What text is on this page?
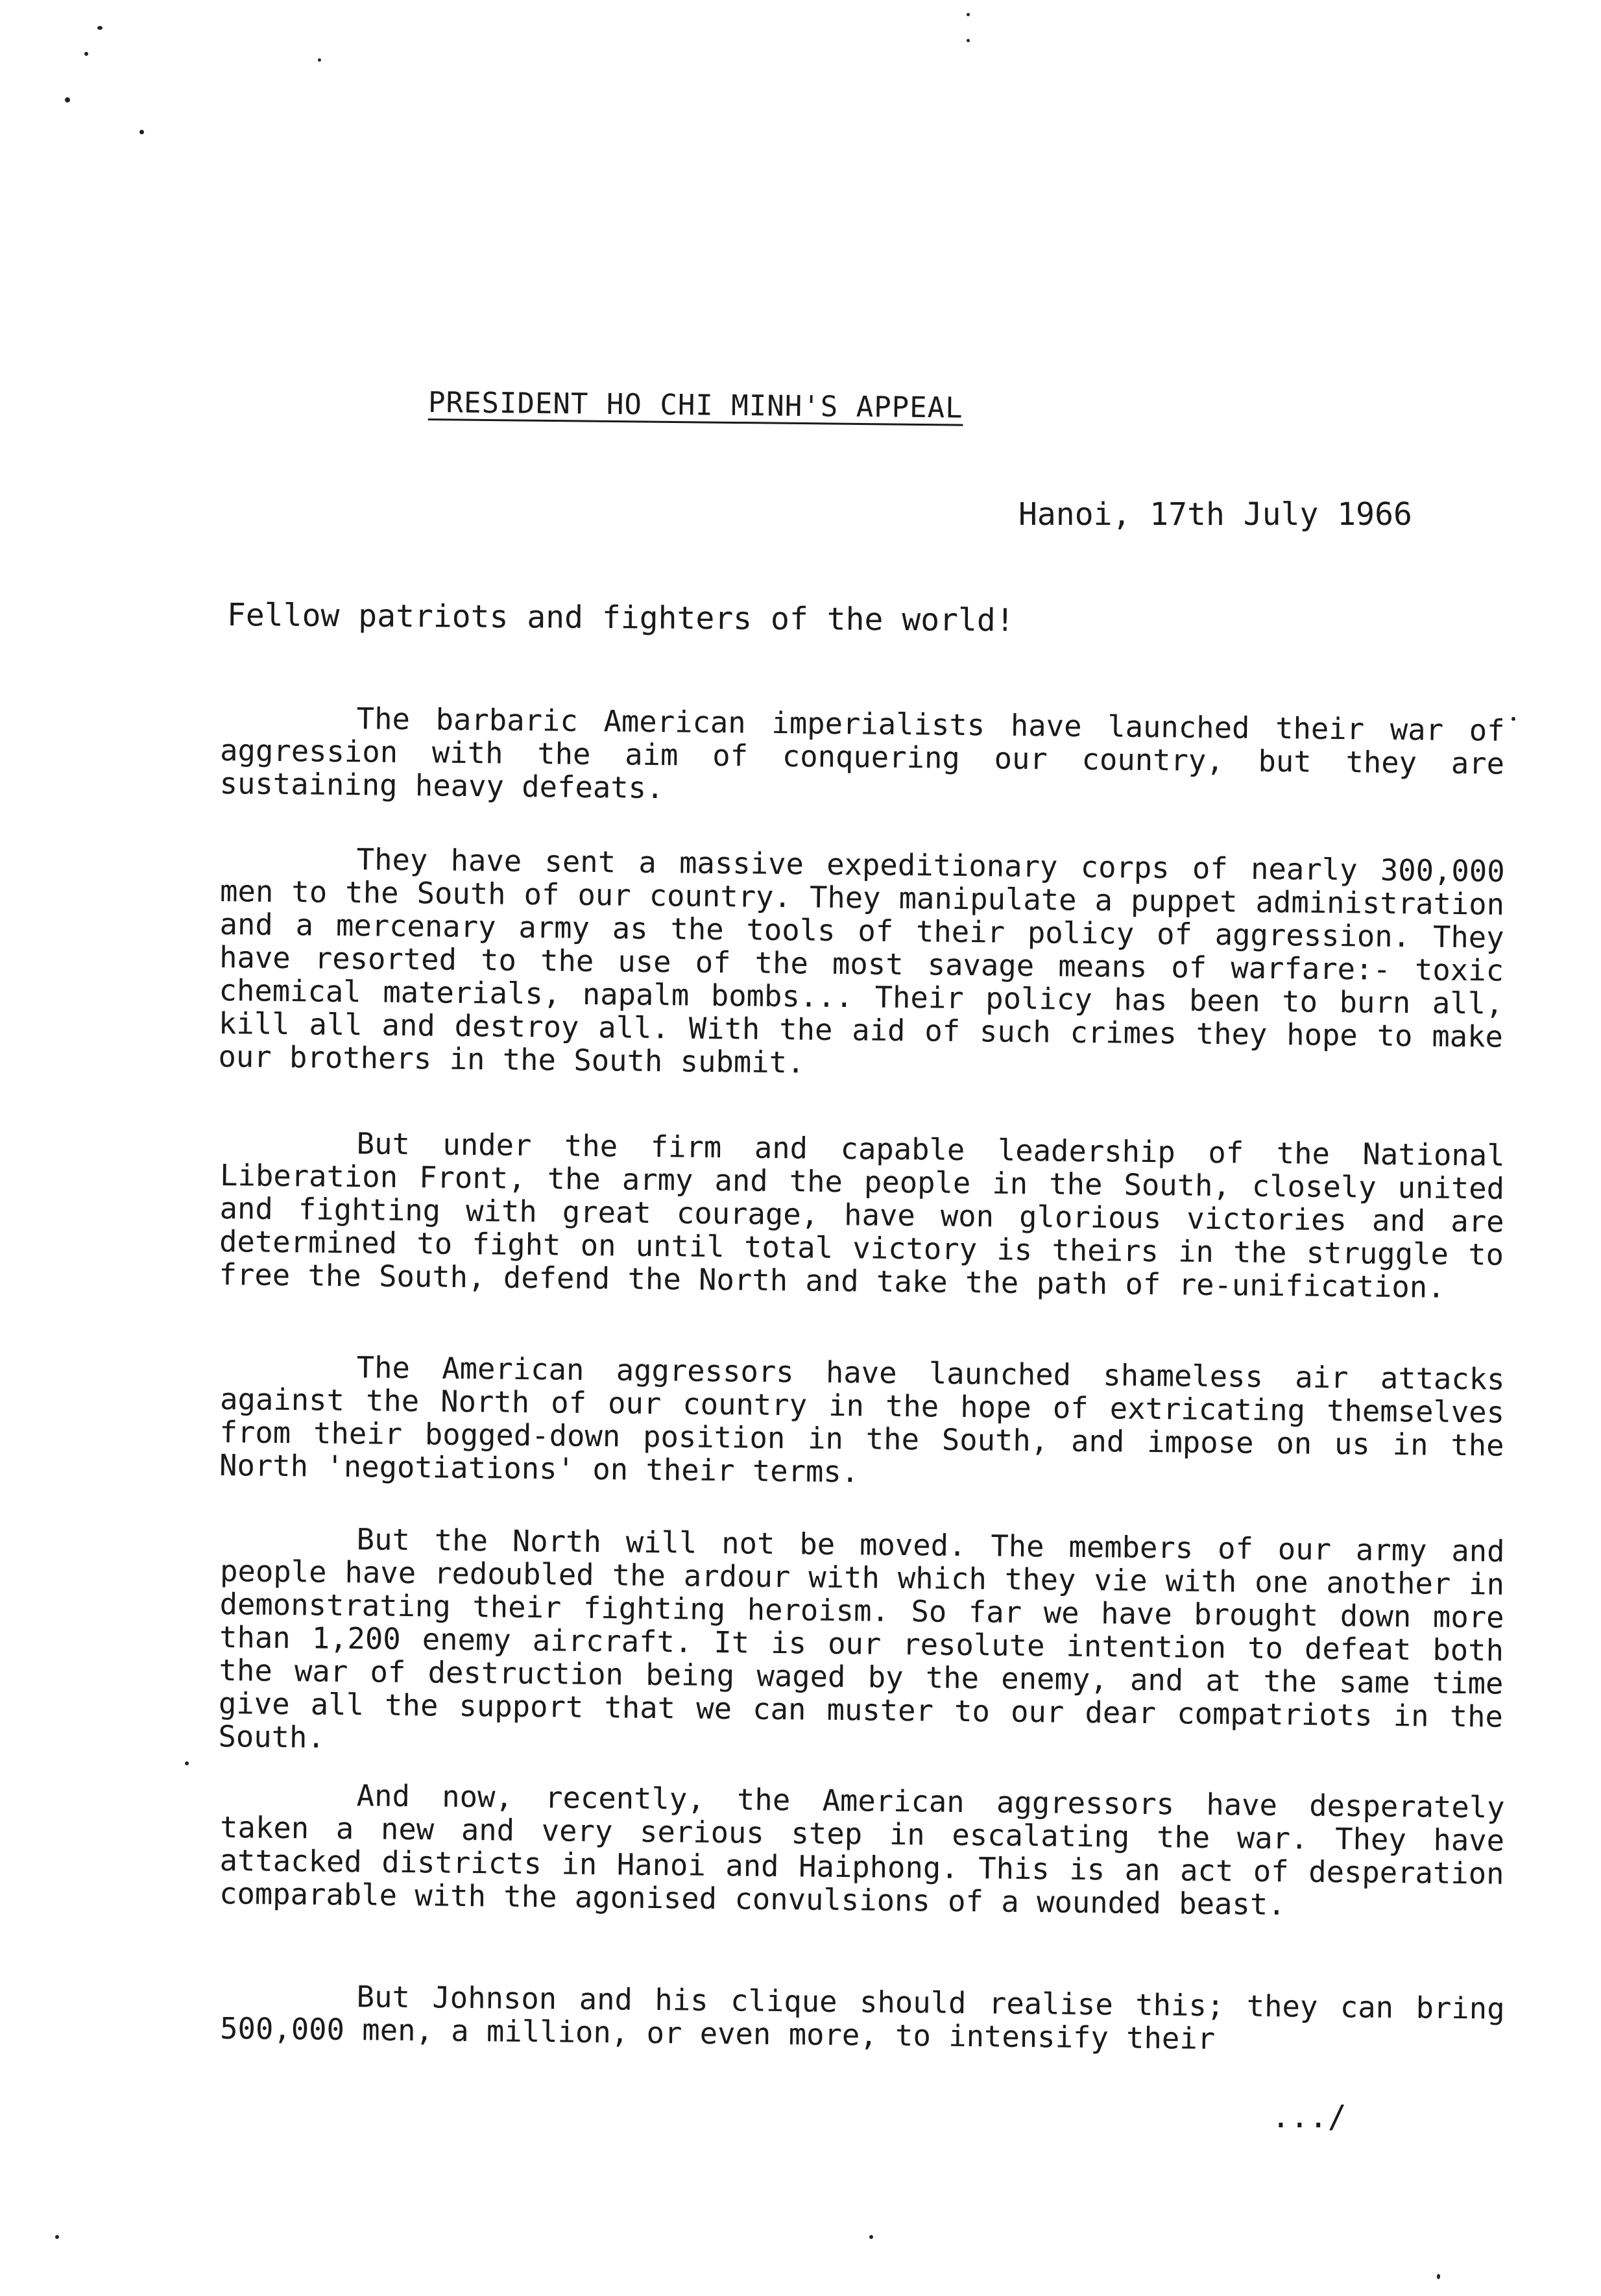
PRESIDENT HO CHI MINH'S APPEAL
Hanoi, 17th July 1966
Fellow patriots and fighters of the world!

The barbaric American imperialists have launched their war of aggression with the aim of conquering our country, but they are sustaining heavy defeats.

They have sent a massive expeditionary corps of nearly 300,000 men to the South of our country. They manipulate a puppet administration and a mercenary army as the tools of their policy of aggression. They have resorted to the use of the most savage means of warfare:- toxic chemical materials, napalm bombs... Their policy has been to burn all, kill all and destroy all. With the aid of such crimes they hope to make our brothers in the South submit.

But under the firm and capable leadership of the National Liberation Front, the army and the people in the South, closely united and fighting with great courage, have won glorious victories and are determined to fight on until total victory is theirs in the struggle to free the South, defend the North and take the path of re-unification.

The American aggressors have launched shameless air attacks against the North of our country in the hope of extricating themselves from their bogged-down position in the South, and impose on us in the North 'negotiations' on their terms.

But the North will not be moved. The members of our army and people have redoubled the ardour with which they vie with one another in demonstrating their fighting heroism. So far we have brought down more than 1,200 enemy aircraft. It is our resolute intention to defeat both the war of destruction being waged by the enemy, and at the same time give all the support that we can muster to our dear compatriots in the South.

And now, recently, the American aggressors have desperately taken a new and very serious step in escalating the war. They have attacked districts in Hanoi and Haiphong. This is an act of desperation comparable with the agonised convulsions of a wounded beast.

But Johnson and his clique should realise this; they can bring 500,000 men, a million, or even more, to intensify their

.../
